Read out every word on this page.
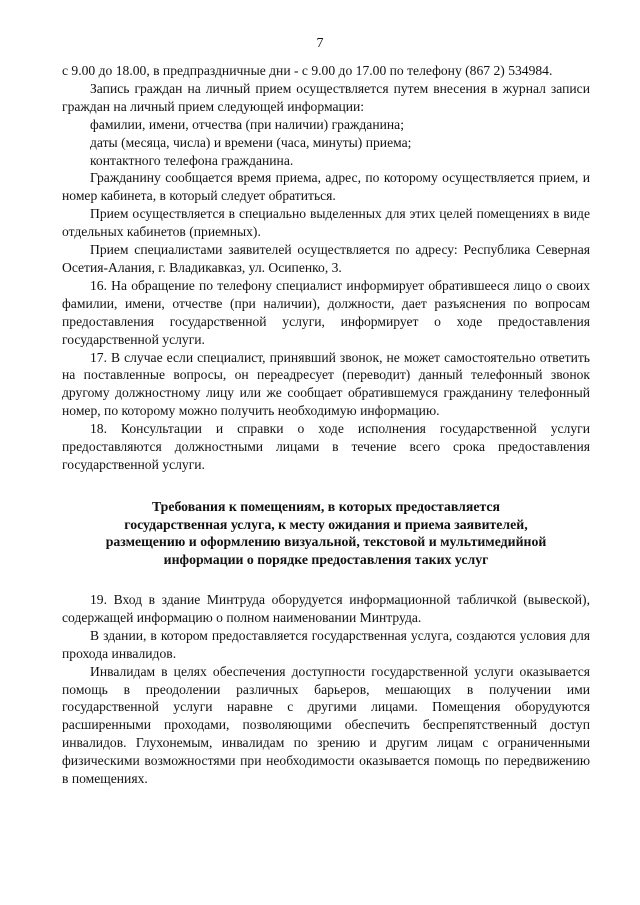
7

с 9.00 до 18.00, в предпраздничные дни - с 9.00 до 17.00 по телефону (867 2) 534984.

Запись граждан на личный прием осуществляется путем внесения в журнал записи граждан на личный прием следующей информации:

фамилии, имени, отчества (при наличии) гражданина;

даты (месяца, числа) и времени (часа, минуты) приема;

контактного телефона гражданина.

Гражданину сообщается время приема, адрес, по которому осуществляется прием, и номер кабинета, в который следует обратиться.

Прием осуществляется в специально выделенных для этих целей помещениях в виде отдельных кабинетов (приемных).

Прием специалистами заявителей осуществляется по адресу: Республика Северная Осетия-Алания, г. Владикавказ, ул. Осипенко, 3.

16. На обращение по телефону специалист информирует обратившееся лицо о своих фамилии, имени, отчестве (при наличии), должности, дает разъяснения по вопросам предоставления государственной услуги, информирует о ходе предоставления государственной услуги.

17. В случае если специалист, принявший звонок, не может самостоятельно ответить на поставленные вопросы, он переадресует (переводит) данный телефонный звонок другому должностному лицу или же сообщает обратившемуся гражданину телефонный номер, по которому можно получить необходимую информацию.

18. Консультации и справки о ходе исполнения государственной услуги предоставляются должностными лицами в течение всего срока предоставления государственной услуги.

Требования к помещениям, в которых предоставляется
государственная услуга, к месту ожидания и приема заявителей,
размещению и оформлению визуальной, текстовой и мультимедийной
информации о порядке предоставления таких услуг

19. Вход в здание Минтруда оборудуется информационной табличкой (вывеской), содержащей информацию о полном наименовании Минтруда.

В здании, в котором предоставляется государственная услуга, создаются условия для прохода инвалидов.

Инвалидам в целях обеспечения доступности государственной услуги оказывается помощь в преодолении различных барьеров, мешающих в получении ими государственной услуги наравне с другими лицами. Помещения оборудуются расширенными проходами, позволяющими обеспечить беспрепятственный доступ инвалидов. Глухонемым, инвалидам по зрению и другим лицам с ограниченными физическими возможностями при необходимости оказывается помощь по передвижению в помещениях.
